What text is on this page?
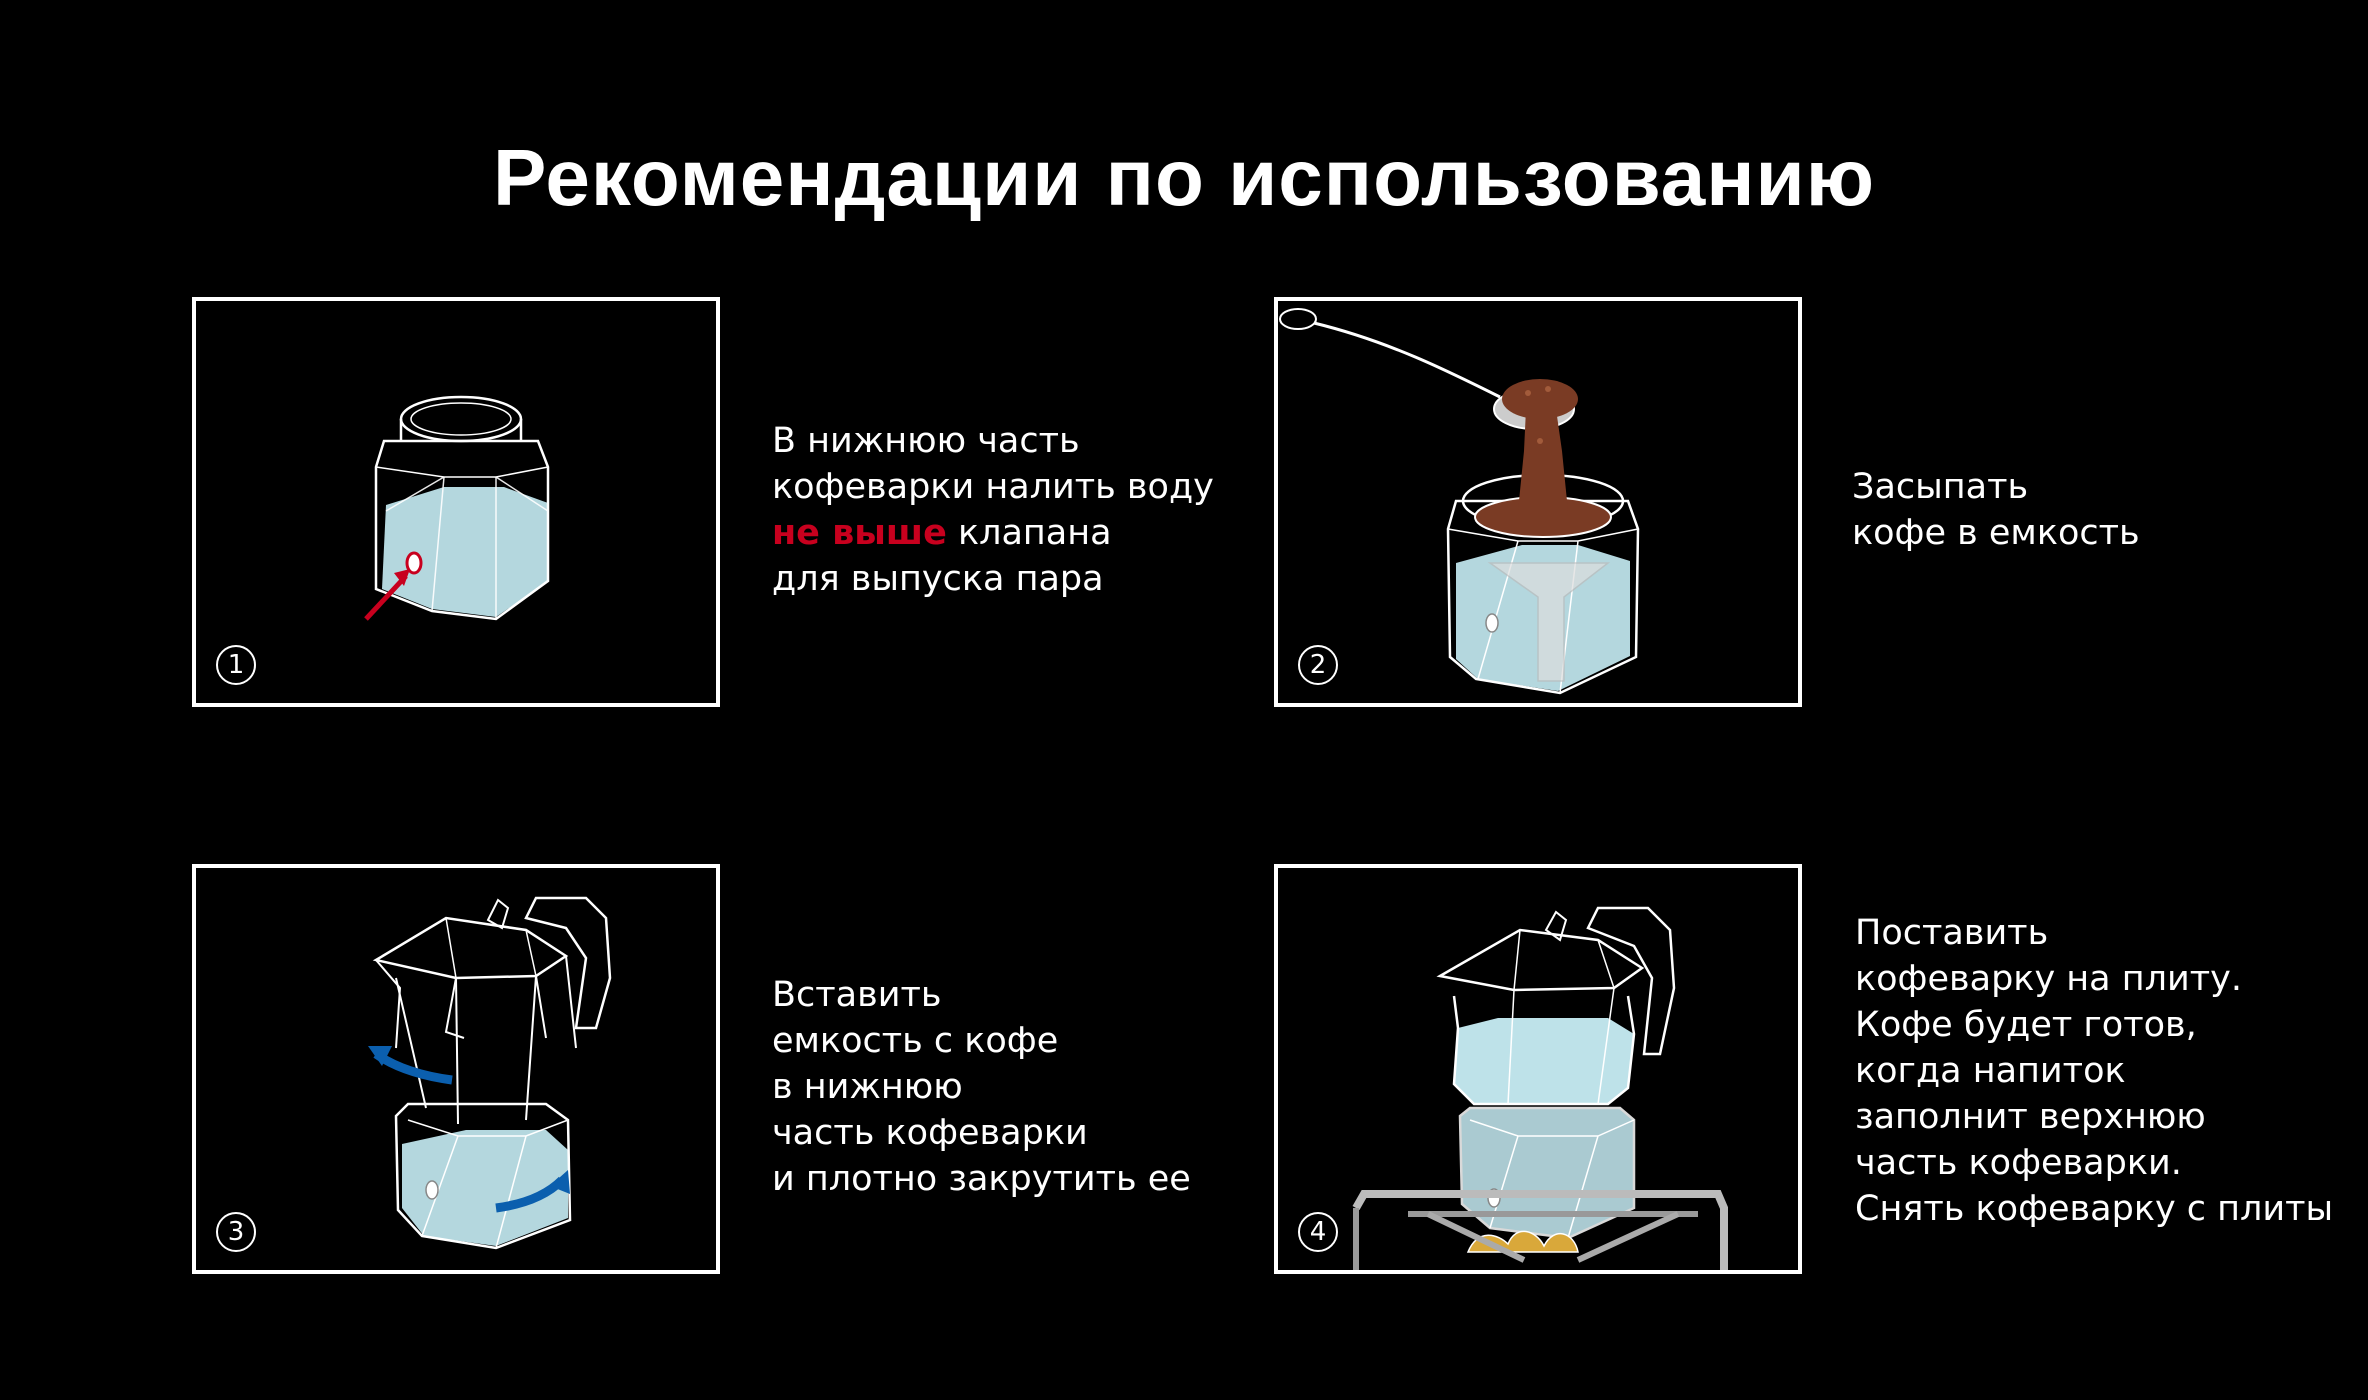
Рекомендации по использованию
1
В нижнюю часть
кофеварки налить воду
не выше клапана
для выпуска пара
2
Засыпать
кофе в емкость
3
Вставить
емкость с кофе
в нижнюю
часть кофеварки
и плотно закрутить ее
4
Поставить
кофеварку на плиту.
Кофе будет готов,
когда напиток
заполнит верхнюю
часть кофеварки.
Снять кофеварку с плиты
